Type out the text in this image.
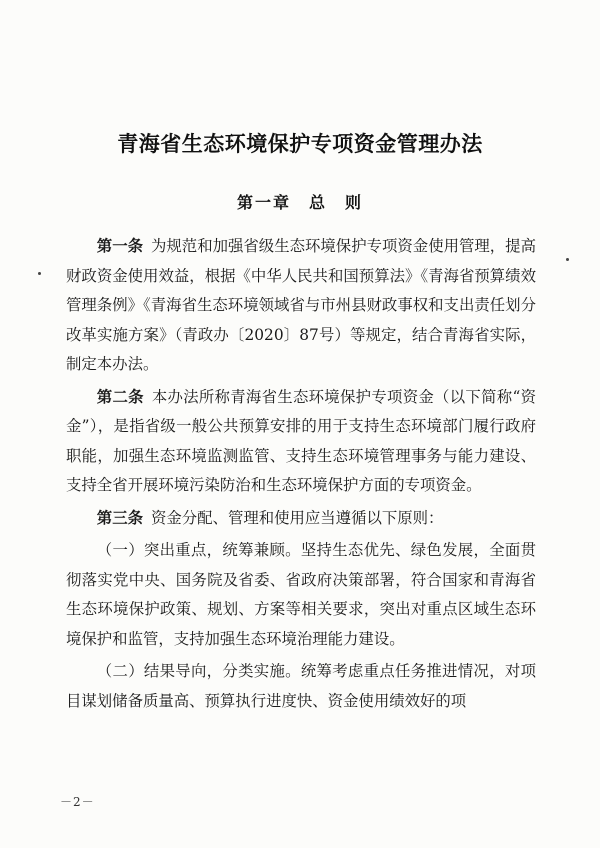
青海省生态环境保护专项资金管理办法
第一章 总　则

第一条 为规范和加强省级生态环境保护专项资金使用管理，提高财政资金使用效益，根据《中华人民共和国预算法》《青海省预算绩效管理条例》《青海省生态环境领域省与市州县财政事权和支出责任划分改革实施方案》（青政办〔2020〕87号）等规定，结合青海省实际，制定本办法。

第二条 本办法所称青海省生态环境保护专项资金（以下简称“资金”），是指省级一般公共预算安排的用于支持生态环境部门履行政府职能，加强生态环境监测监管、支持生态环境管理事务与能力建设、支持全省开展环境污染防治和生态环境保护方面的专项资金。

第三条 资金分配、管理和使用应当遵循以下原则：

（一）突出重点，统筹兼顾。坚持生态优先、绿色发展，全面贯彻落实党中央、国务院及省委、省政府决策部署，符合国家和青海省生态环境保护政策、规划、方案等相关要求，突出对重点区域生态环境保护和监管，支持加强生态环境治理能力建设。

（二）结果导向，分类实施。统筹考虑重点任务推进情况，对项目谋划储备质量高、预算执行进度快、资金使用绩效好的项

－2－
